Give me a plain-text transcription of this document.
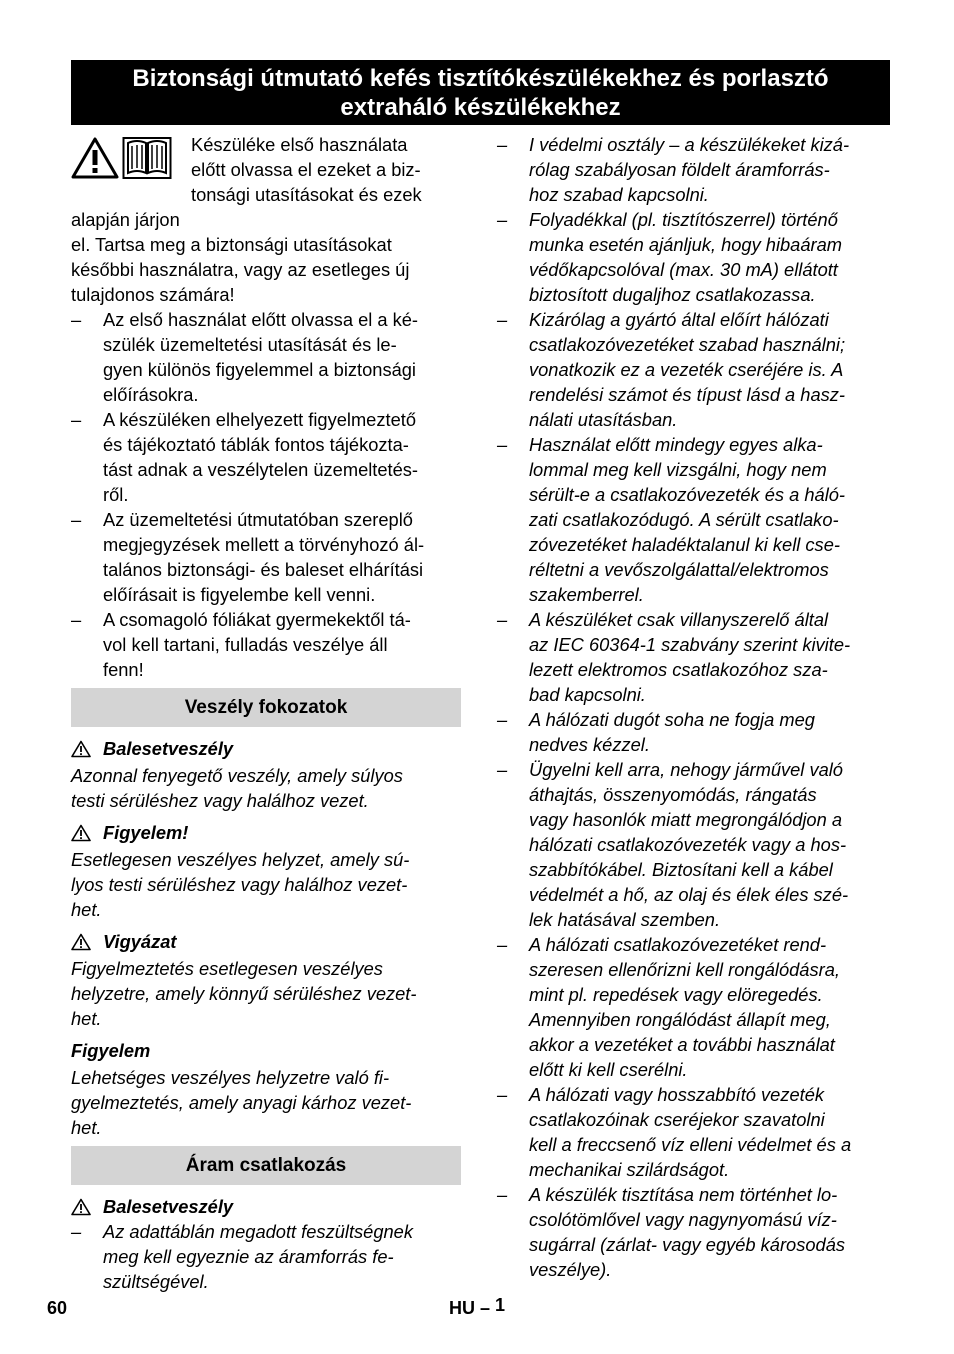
Biztonsági útmutató kefés tisztítókészülékekhez és porlasztó
extraháló készülékekhez
Készüléke első használata
előtt olvassa el ezeket a biz-
tonsági utasításokat és ezek alapján járjon
el. Tartsa meg a biztonsági utasításokat
későbbi használatra, vagy az esetleges új
tulajdonos számára!
–	Az első használat előtt olvassa el a ké-
szülék üzemeltetési utasítását és le-
gyen különös figyelemmel a biztonsági
előírásokra.
–	A készüléken elhelyezett figyelmeztető
és tájékoztató táblák fontos tájékozta-
tást adnak a veszélytelen üzemeltetés-
ről.
–	Az üzemeltetési útmutatóban szereplő
megjegyzések mellett a törvényhozó ál-
talános biztonsági- és baleset elhárítási
előírásait is figyelembe kell venni.
–	A csomagoló fóliákat gyermekektől tá-
vol kell tartani, fulladás veszélye áll
fenn!
Veszély fokozatok
Balesetveszély
Azonnal fenyegető veszély, amely súlyos
testi sérüléshez vagy halálhoz vezet.
Figyelem!
Esetlegesen veszélyes helyzet, amely sú-
lyos testi sérüléshez vagy halálhoz vezet-
het.
Vigyázat
Figyelmeztetés esetlegesen veszélyes
helyzetre, amely könnyű sérüléshez vezet-
het.
Figyelem
Lehetséges veszélyes helyzetre való fi-
gyelmeztetés, amely anyagi kárhoz vezet-
het.
Áram csatlakozás
Balesetveszély
–	Az adattáblán megadott feszültségnek
meg kell egyeznie az áramforrás fe-
szültségével.
–	I védelmi osztály – a készülékeket kizá-
rólag szabályosan földelt áramforrás-
hoz szabad kapcsolni.
–	Folyadékkal (pl. tisztítószerrel) történő
munka esetén ajánljuk, hogy hibaáram
védőkapcsolóval (max. 30 mA) ellátott
biztosított dugaljhoz csatlakozassa.
–	Kizárólag a gyártó által előírt hálózati
csatlakozóvezetéket szabad használni;
vonatkozik ez a vezeték cseréjére is. A
rendelési számot és típust lásd a hasz-
nálati utasításban.
–	Használat előtt mindegy egyes alka-
lommal meg kell vizsgálni, hogy nem
sérült-e a csatlakozóvezeték és a háló-
zati csatlakozódugó. A sérült csatlako-
zóvezetéket haladéktalanul ki kell cse-
réltetni a vevőszolgálattal/elektromos
szakemberrel.
–	A készüléket csak villanyszerelő által
az IEC 60364-1 szabvány szerint kivite-
lezett elektromos csatlakozóhoz sza-
bad kapcsolni.
–	A hálózati dugót soha ne fogja meg
nedves kézzel.
–	Ügyelni kell arra, nehogy járművel való
áthajtás, összenyomódás, rángatás
vagy hasonlók miatt megrongálódjon a
hálózati csatlakozóvezeték vagy a hos-
szabbítókábel. Biztosítani kell a kábel
védelmét a hő, az olaj és élek éles szé-
lek hatásával szemben.
–	A hálózati csatlakozóvezetéket rend-
szeresen ellenőrizni kell rongálódásra,
mint pl. repedések vagy elöregedés.
Amennyiben rongálódást állapít meg,
akkor a vezetéket a további használat
előtt ki kell cserélni.
–	A hálózati vagy hosszabbító vezeték
csatlakozóinak cseréjekor szavatolni
kell a freccsenő víz elleni védelmet és a
mechanikai szilárdságot.
–	A készülék tisztítása nem történhet lo-
csolótömlővel vagy nagynyomású víz-
sugárral (zárlat- vagy egyéb károsodás
veszélye).
60	HU – 1
